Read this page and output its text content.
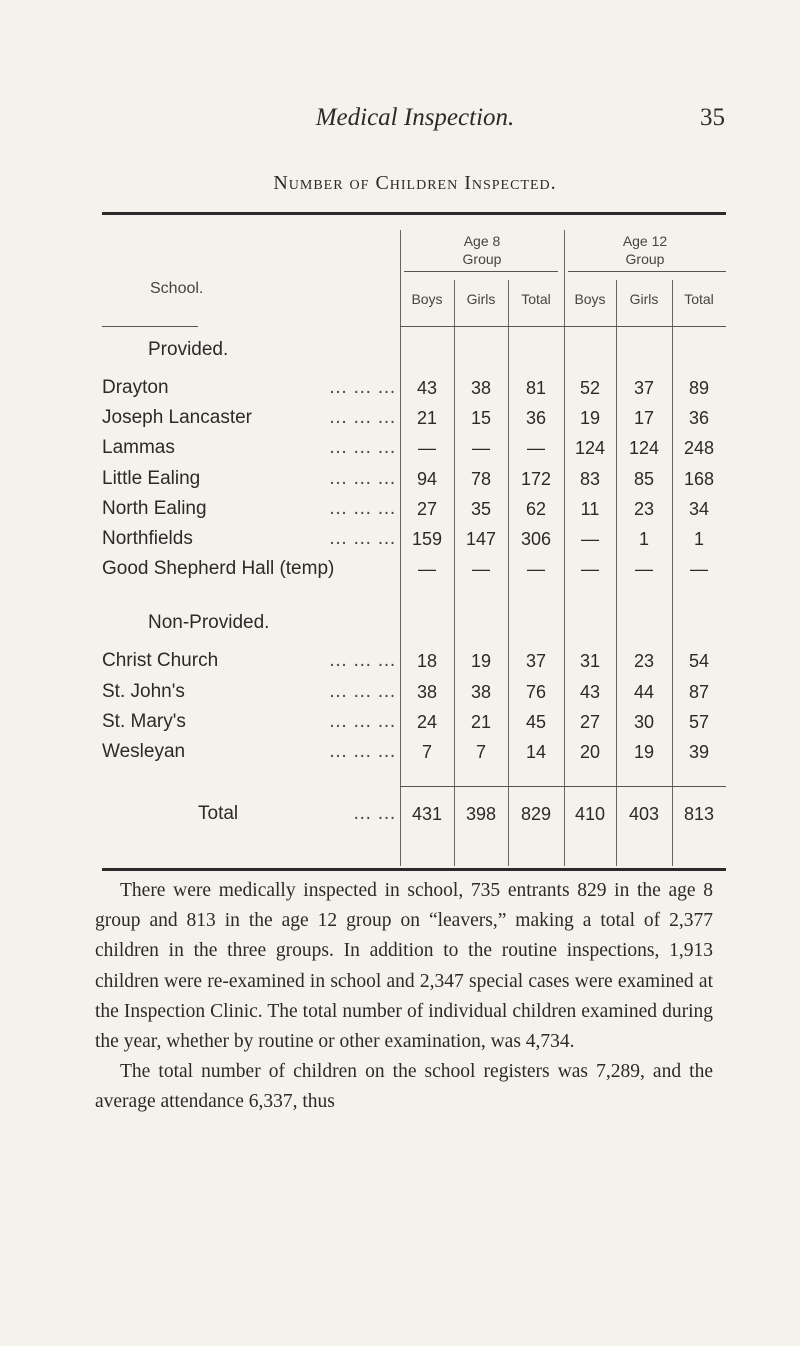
Medical Inspection.	35
Number of Children Inspected.
School.
Age 8
Group
Age 12
Group
Boys	Girls	Total	Boys	Girls	Total
Provided.
Drayton	… … …	43	38	81	52	37	89
Joseph Lancaster	… … …	21	15	36	19	17	36
Lammas	… … …	—	—	—	124	124	248
Little Ealing	… … …	94	78	172	83	85	168
North Ealing	… … …	27	35	62	11	23	34
Northfields	… … … 159	147	306	—	1	1
Good Shepherd Hall (temp)	—	—	—	—	—	—
Non-Provided.
Christ Church	… … …	18	19	37	31	23	54
St. John's	… … …	38	38	76	43	44	87
St. Mary's	… … …	24	21	45	27	30	57
Wesleyan	… … …	7	7	14	20	19	39
Total	… … 431	398	829	410	403	813

There were medically inspected in school, 735 entrants 829 in the age 8 group and 813 in the age 12 group on “leavers,” making a total of 2,377 children in the three groups. In addition to the routine inspections, 1,913 children were re-examined in school and 2,347 special cases were examined at the Inspection Clinic. The total number of individual children examined during the year, whether by routine or other examination, was 4,734.

The total number of children on the school registers was 7,289, and the average attendance 6,337, thus
